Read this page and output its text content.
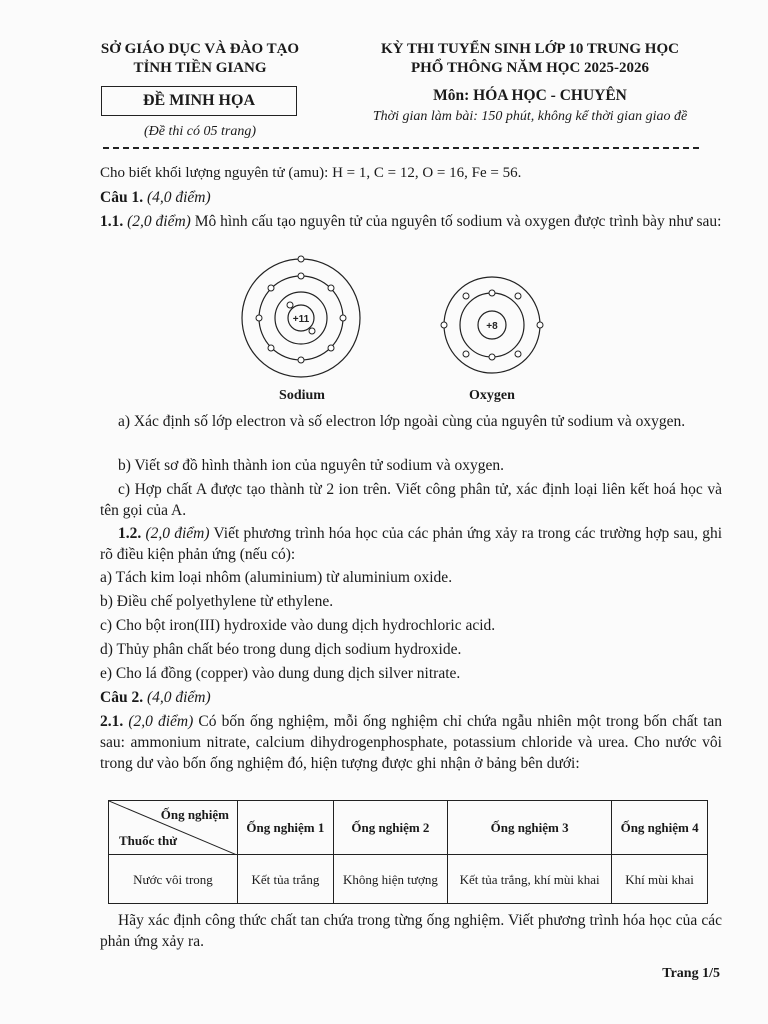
SỞ GIÁO DỤC VÀ ĐÀO TẠO
TỈNH TIỀN GIANG
ĐỀ MINH HỌA
(Đề thi có 05 trang)
KỲ THI TUYỂN SINH LỚP 10 TRUNG HỌC
PHỔ THÔNG NĂM HỌC 2025-2026
Môn: HÓA HỌC - CHUYÊN
Thời gian làm bài: 150 phút, không kể thời gian giao đề
Cho biết khối lượng nguyên tử (amu): H = 1, C = 12, O = 16, Fe = 56.
Câu 1. (4,0 điểm)
1.1. (2,0 điểm) Mô hình cấu tạo nguyên tử của nguyên tố sodium và oxygen được trình bày như sau:
+11
+8
Sodium	Oxygen
a) Xác định số lớp electron và số electron lớp ngoài cùng của nguyên tử sodium và oxygen.
b) Viết sơ đồ hình thành ion của nguyên tử sodium và oxygen.
c) Hợp chất A được tạo thành từ 2 ion trên. Viết công phân tử, xác định loại liên kết hoá học và tên gọi của A.
1.2. (2,0 điểm) Viết phương trình hóa học của các phản ứng xảy ra trong các trường hợp sau, ghi rõ điều kiện phản ứng (nếu có):
a) Tách kim loại nhôm (aluminium) từ aluminium oxide.
b) Điều chế polyethylene từ ethylene.
c) Cho bột iron(III) hydroxide vào dung dịch hydrochloric acid.
d) Thủy phân chất béo trong dung dịch sodium hydroxide.
e) Cho lá đồng (copper) vào dung dung dịch silver nitrate.
Câu 2. (4,0 điểm)
2.1. (2,0 điểm) Có bốn ống nghiệm, mỗi ống nghiệm chỉ chứa ngẫu nhiên một trong bốn chất tan sau: ammonium nitrate, calcium dihydrogenphosphate, potassium chloride và urea. Cho nước vôi trong dư vào bốn ống nghiệm đó, hiện tượng được ghi nhận ở bảng bên dưới:
Ống nghiệm
Thuốc thử	Ống nghiệm 1	Ống nghiệm 2	Ống nghiệm 3	Ống nghiệm 4
Nước vôi trong	Kết tủa trắng	Không hiện tượng	Kết tủa trắng, khí mùi khai	Khí mùi khai
Hãy xác định công thức chất tan chứa trong từng ống nghiệm. Viết phương trình hóa học của các phản ứng xảy ra.
Trang 1/5
